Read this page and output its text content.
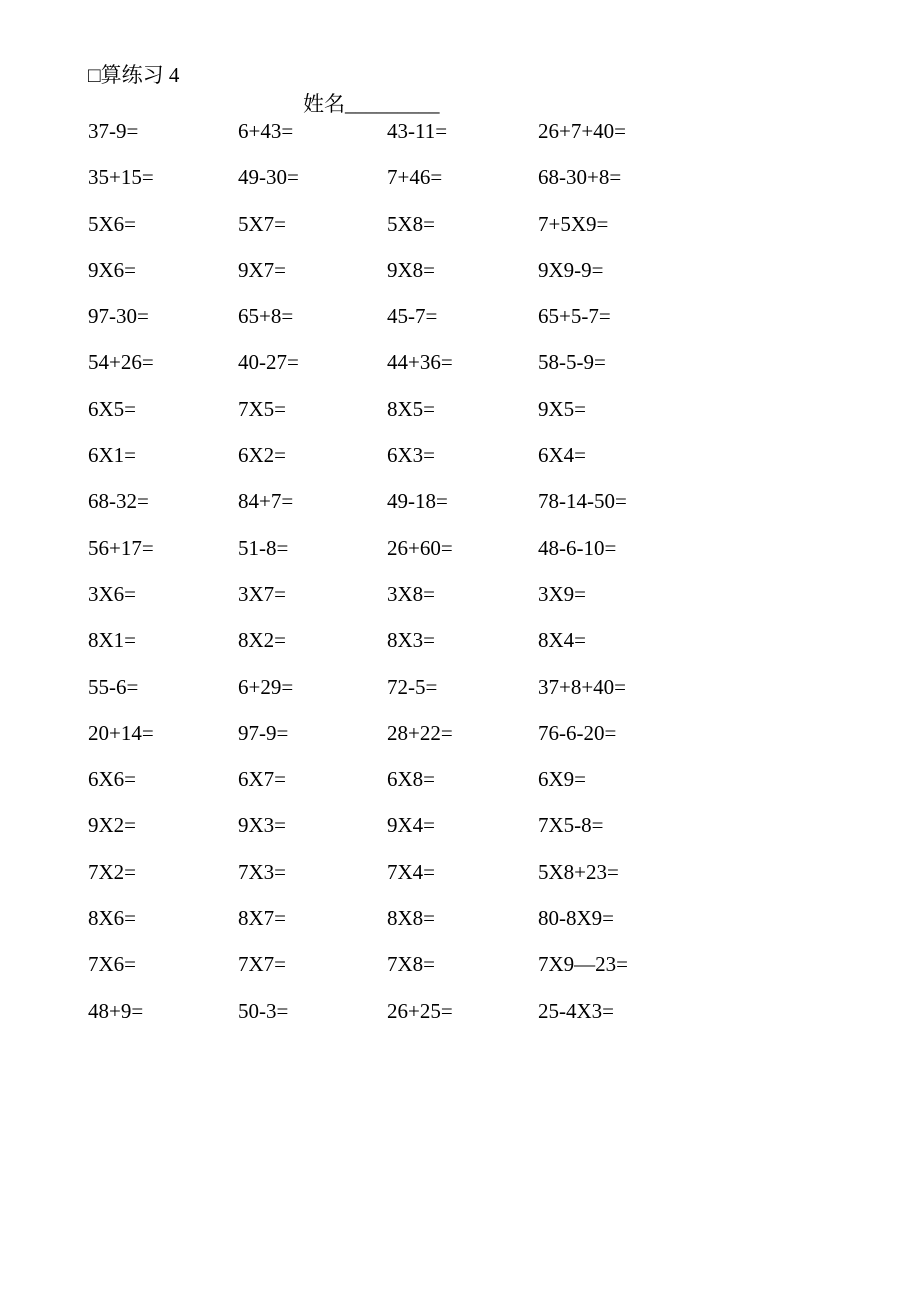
□算练习 4
姓名_________
37-9=	6+43=	43-11=	26+7+40=
35+15=	49-30=	7+46=	68-30+8=
5X6=	5X7=	5X8=	7+5X9=
9X6=	9X7=	9X8=	9X9-9=
97-30=	65+8=	45-7=	65+5-7=
54+26=	40-27=	44+36=	58-5-9=
6X5=	7X5=	8X5=	9X5=
6X1=	6X2=	6X3=	6X4=
68-32=	84+7=	49-18=	78-14-50=
56+17=	51-8=	26+60=	48-6-10=
3X6=	3X7=	3X8=	3X9=
8X1=	8X2=	8X3=	8X4=
55-6=	6+29=	72-5=	37+8+40=
20+14=	97-9=	28+22=	76-6-20=
6X6=	6X7=	6X8=	6X9=
9X2=	9X3=	9X4=	7X5-8=
7X2=	7X3=	7X4=	5X8+23=
8X6=	8X7=	8X8=	80-8X9=
7X6=	7X7=	7X8=	7X9—23=
48+9=	50-3=	26+25=	25-4X3=
